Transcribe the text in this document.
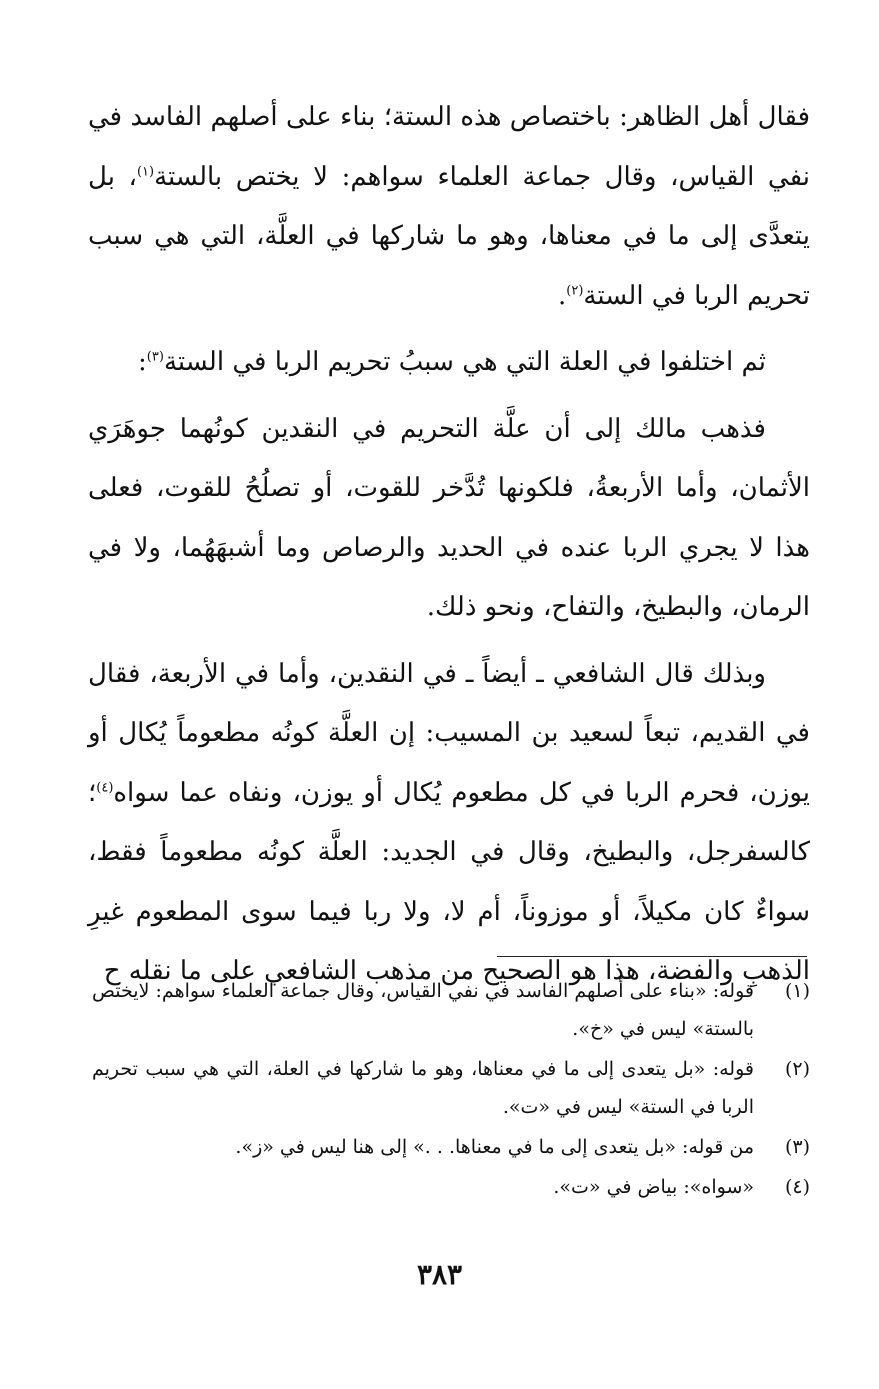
فقال أهل الظاهر: باختصاص هذه الستة؛ بناء على أصلهم الفاسد في نفي القياس، وقال جماعة العلماء سواهم: لا يختص بالستة$^{(١)}$، بل يتعدَّى إلى ما في معناها، وهو ما شاركها في العلَّة، التي هي سبب تحريم الربا في الستة$^{(٢)}$.

ثم اختلفوا في العلة التي هي سببُ تحريم الربا في الستة$^{(٣)}$:

فذهب مالك إلى أن علَّة التحريم في النقدين كونُهما جوهَرَي الأثمان، وأما الأربعةُ، فلكونها تُدَّخر للقوت، أو تصلُحُ للقوت، فعلى هذا لا يجري الربا عنده في الحديد والرصاص وما أشبهَهُما، ولا في الرمان، والبطيخ، والتفاح، ونحو ذلك.

وبذلك قال الشافعي ـ أيضاً ـ في النقدين، وأما في الأربعة، فقال في القديم، تبعاً لسعيد بن المسيب: إن العلَّة كونُه مطعوماً يُكال أو يوزن، فحرم الربا في كل مطعوم يُكال أو يوزن، ونفاه عما سواه$^{(٤)}$؛ كالسفرجل، والبطيخ، وقال في الجديد: العلَّة كونُه مطعوماً فقط، سواءٌ كان مكيلاً، أو موزوناً، أم لا، ولا ربا فيما سوى المطعوم غيرِ الذهبِ والفضة، هذا هو الصحيح من مذهب الشافعي على ما نقله ح

(١)
قوله: «بناء على أصلهم الفاسد في نفي القياس، وقال جماعة العلماء سواهم: لايختص بالستة» ليس في «خ».
(٢)
قوله: «بل يتعدى إلى ما في معناها، وهو ما شاركها في العلة، التي هي سبب تحريم الربا في الستة» ليس في «ت».
(٣)
من قوله: «بل يتعدى إلى ما في معناها. . .» إلى هنا ليس في «ز».
(٤)
«سواه»: بياض في «ت».
٣٨٣
